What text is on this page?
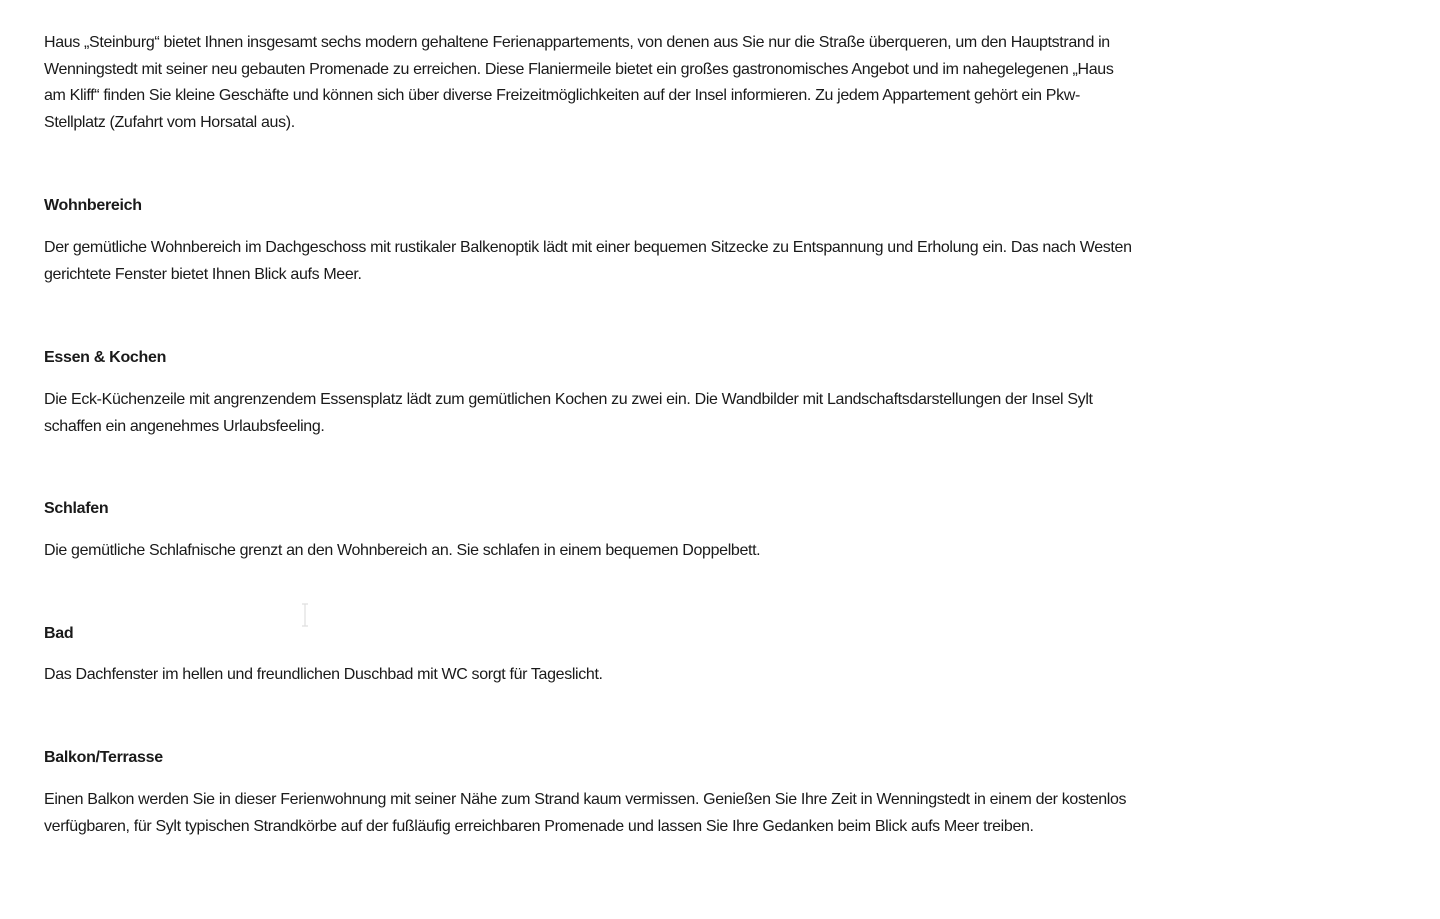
Haus „Steinburg“ bietet Ihnen insgesamt sechs modern gehaltene Ferienappartements, von denen aus Sie nur die Straße überqueren, um den Hauptstrand in
Wenningstedt mit seiner neu gebauten Promenade zu erreichen. Diese Flaniermeile bietet ein großes gastronomisches Angebot und im nahegelegenen „Haus
am Kliff“ finden Sie kleine Geschäfte und können sich über diverse Freizeitmöglichkeiten auf der Insel informieren. Zu jedem Appartement gehört ein Pkw-
Stellplatz (Zufahrt vom Horsatal aus).
Wohnbereich
Der gemütliche Wohnbereich im Dachgeschoss mit rustikaler Balkenoptik lädt mit einer bequemen Sitzecke zu Entspannung und Erholung ein. Das nach Westen
gerichtete Fenster bietet Ihnen Blick aufs Meer.
Essen & Kochen
Die Eck-Küchenzeile mit angrenzendem Essensplatz lädt zum gemütlichen Kochen zu zwei ein. Die Wandbilder mit Landschaftsdarstellungen der Insel Sylt
schaffen ein angenehmes Urlaubsfeeling.
Schlafen
Die gemütliche Schlafnische grenzt an den Wohnbereich an. Sie schlafen in einem bequemen Doppelbett.
Bad
Das Dachfenster im hellen und freundlichen Duschbad mit WC sorgt für Tageslicht.
Balkon/Terrasse
Einen Balkon werden Sie in dieser Ferienwohnung mit seiner Nähe zum Strand kaum vermissen. Genießen Sie Ihre Zeit in Wenningstedt in einem der kostenlos
verfügbaren, für Sylt typischen Strandkörbe auf der fußläufig erreichbaren Promenade und lassen Sie Ihre Gedanken beim Blick aufs Meer treiben.
